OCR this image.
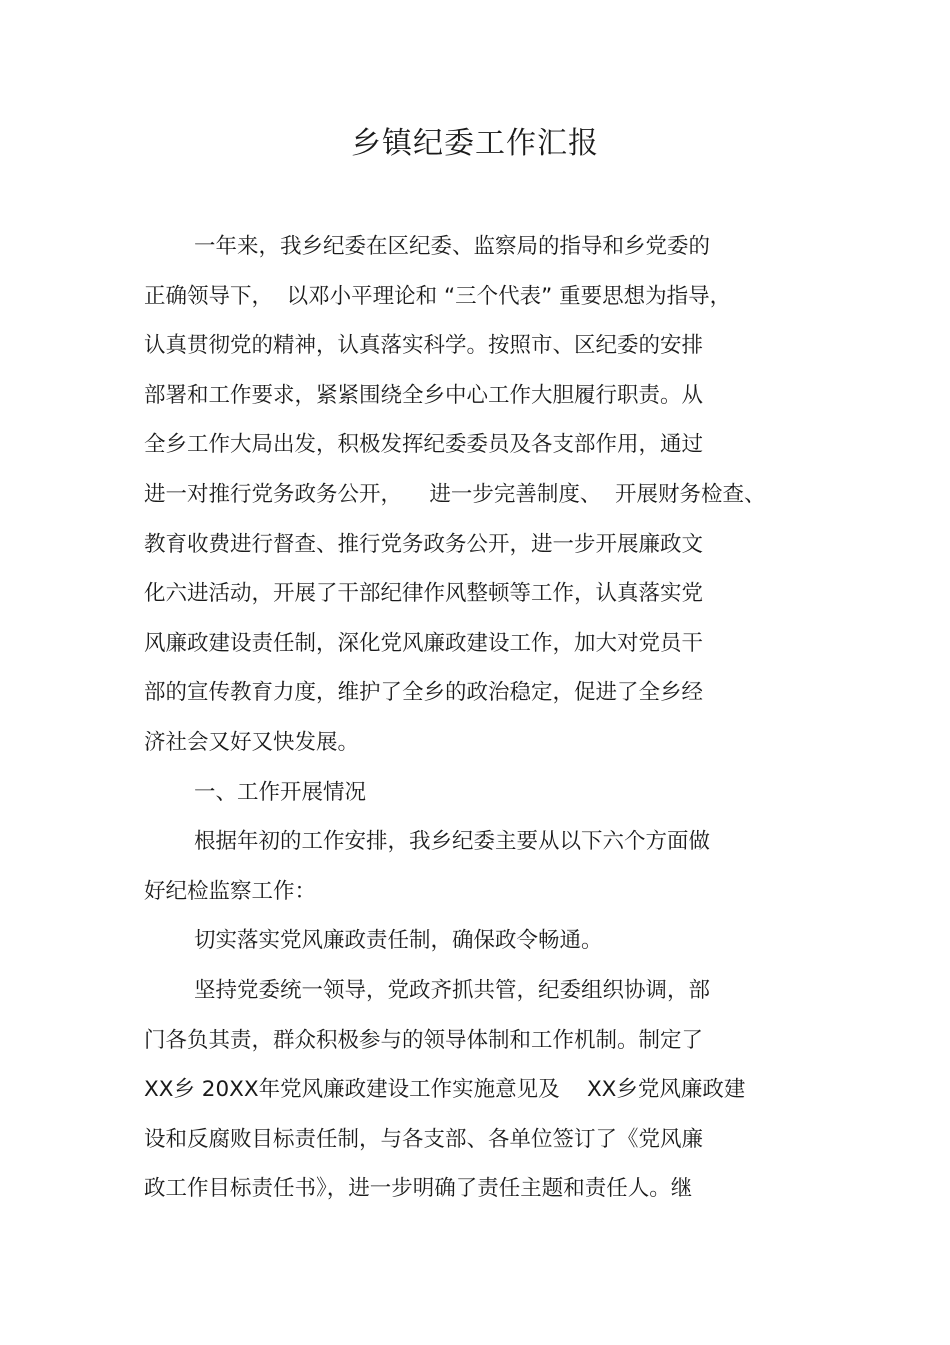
乡镇纪委工作汇报
一年来，我乡纪委在区纪委、监察局的指导和乡党委的
正确领导下，  以邓小平理论和 “三个代表” 重要思想为指导，
认真贯彻党的精神，认真落实科学。按照市、区纪委的安排
部署和工作要求，紧紧围绕全乡中心工作大胆履行职责。从
全乡工作大局出发，积极发挥纪委委员及各支部作用，通过
进一对推行党务政务公开，    进一步完善制度、  开展财务检查、
教育收费进行督查、推行党务政务公开，进一步开展廉政文
化六进活动，开展了干部纪律作风整顿等工作，认真落实党
风廉政建设责任制，深化党风廉政建设工作，加大对党员干
部的宣传教育力度，维护了全乡的政治稳定，促进了全乡经
济社会又好又快发展。
一、工作开展情况
根据年初的工作安排，我乡纪委主要从以下六个方面做
好纪检监察工作：
切实落实党风廉政责任制，确保政令畅通。
坚持党委统一领导，党政齐抓共管，纪委组织协调，部
门各负其责，群众积极参与的领导体制和工作机制。制定了
XX乡 20XX年党风廉政建设工作实施意见及    XX乡党风廉政建
设和反腐败目标责任制，与各支部、各单位签订了《党风廉
政工作目标责任书》，进一步明确了责任主题和责任人。继
